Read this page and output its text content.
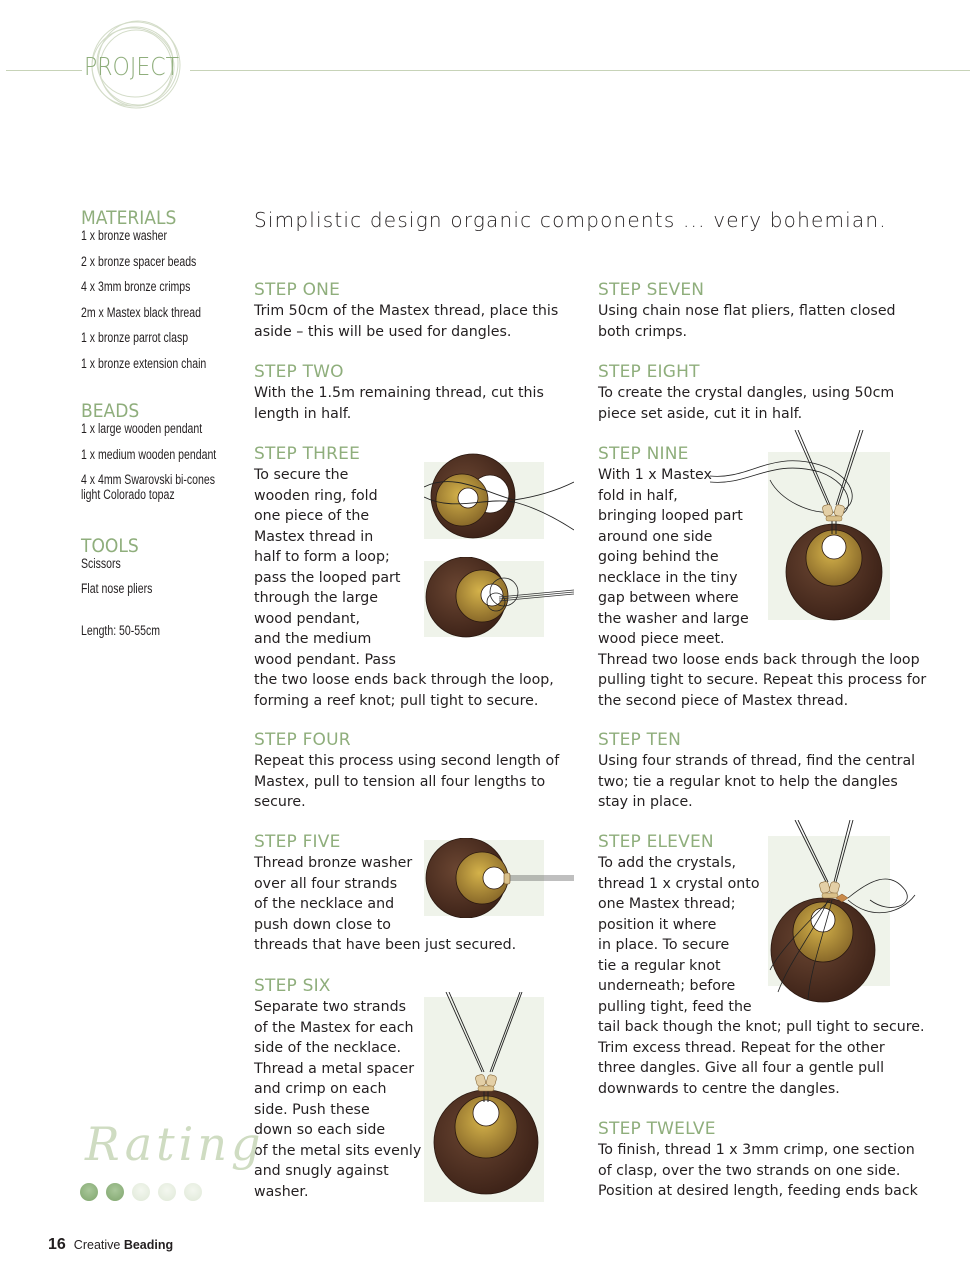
PROJECT
MATERIALS
1 x bronze washer
2 x bronze spacer beads
4 x 3mm bronze crimps
2m x Mastex black thread
1 x bronze parrot clasp
1 x bronze extension chain
BEADS
1 x large wooden pendant
1 x medium wooden pendant
4 x 4mm Swarovski bi-cones light Colorado topaz
TOOLS
Scissors
Flat nose pliers
Length: 50-55cm
Simplistic design organic components ... very bohemian.
STEP ONE
Trim 50cm of the Mastex thread, place this aside – this will be used for dangles.
STEP TWO
With the 1.5m remaining thread, cut this length in half.
STEP THREE
To secure the
wooden ring, fold
one piece of the
Mastex thread in
half to form a loop;
pass the looped part
through the large
wood pendant,
and the medium
wood pendant. Pass
the two loose ends back through the loop,
forming a reef knot; pull tight to secure.
STEP FOUR
Repeat this process using second length of Mastex, pull to tension all four lengths to secure.
STEP FIVE
Thread bronze washer
over all four strands
of the necklace and
push down close to
threads that have been just secured.
STEP SIX
Separate two strands
of the Mastex for each
side of the necklace.
Thread a metal spacer
and crimp on each
side. Push these
down so each side
of the metal sits evenly
and snugly against
washer.
STEP SEVEN
Using chain nose flat pliers, flatten closed both crimps.
STEP EIGHT
To create the crystal dangles, using 50cm piece set aside, cut it in half.
STEP NINE
With 1 x Mastex
fold in half,
bringing looped part
around one side
going behind the
necklace in the tiny
gap between where
the washer and large
wood piece meet.
Thread two loose ends back through the loop
pulling tight to secure. Repeat this process for
the second piece of Mastex thread.
STEP TEN
Using four strands of thread, find the central two; tie a regular knot to help the dangles stay in place.
STEP ELEVEN
To add the crystals,
thread 1 x crystal onto
one Mastex thread;
position it where
in place. To secure
tie a regular knot
underneath; before
pulling tight, feed the
tail back though the knot; pull tight to secure.
Trim excess thread. Repeat for the other
three dangles. Give all four a gentle pull
downwards to centre the dangles.
STEP TWELVE
To finish, thread 1 x 3mm crimp, one section
of clasp, over the two strands on one side.
Position at desired length, feeding ends back
Rating
16 Creative Beading
